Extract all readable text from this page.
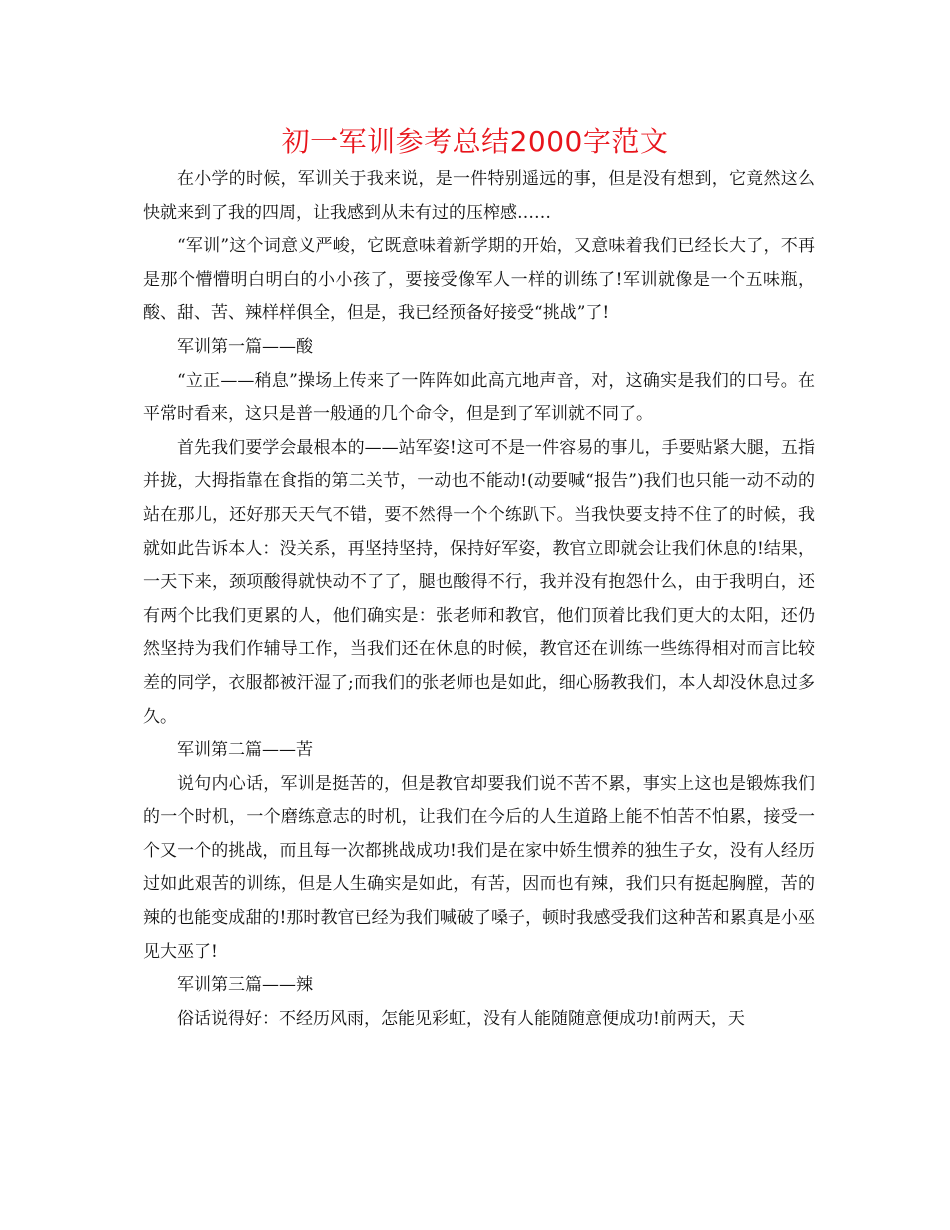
初一军训参考总结2000字范文

在小学的时候，军训关于我来说，是一件特别遥远的事，但是没有想到，它竟然这么快就来到了我的四周，让我感到从未有过的压榨感……

“军训”这个词意义严峻，它既意味着新学期的开始，又意味着我们已经长大了，不再是那个懵懵明白明白的小小孩了，要接受像军人一样的训练了!军训就像是一个五味瓶，酸、甜、苦、辣样样俱全，但是，我已经预备好接受“挑战”了!

军训第一篇——酸

“立正——稍息”操场上传来了一阵阵如此高亢地声音，对，这确实是我们的口号。在平常时看来，这只是普一般通的几个命令，但是到了军训就不同了。

首先我们要学会最根本的——站军姿!这可不是一件容易的事儿，手要贴紧大腿，五指并拢，大拇指靠在食指的第二关节，一动也不能动!(动要喊“报告”)我们也只能一动不动的站在那儿，还好那天天气不错，要不然得一个个练趴下。当我快要支持不住了的时候，我就如此告诉本人：没关系，再坚持坚持，保持好军姿，教官立即就会让我们休息的!结果，一天下来，颈项酸得就快动不了了，腿也酸得不行，我并没有抱怨什么，由于我明白，还有两个比我们更累的人，他们确实是：张老师和教官，他们顶着比我们更大的太阳，还仍然坚持为我们作辅导工作，当我们还在休息的时候，教官还在训练一些练得相对而言比较差的同学，衣服都被汗湿了;而我们的张老师也是如此，细心肠教我们，本人却没休息过多久。

军训第二篇——苦

说句内心话，军训是挺苦的，但是教官却要我们说不苦不累，事实上这也是锻炼我们的一个时机，一个磨练意志的时机，让我们在今后的人生道路上能不怕苦不怕累，接受一个又一个的挑战，而且每一次都挑战成功!我们是在家中娇生惯养的独生子女，没有人经历过如此艰苦的训练，但是人生确实是如此，有苦，因而也有辣，我们只有挺起胸膛，苦的辣的也能变成甜的!那时教官已经为我们喊破了嗓子，顿时我感受我们这种苦和累真是小巫见大巫了!

军训第三篇——辣

俗话说得好：不经历风雨，怎能见彩虹，没有人能随随意便成功!前两天，天
